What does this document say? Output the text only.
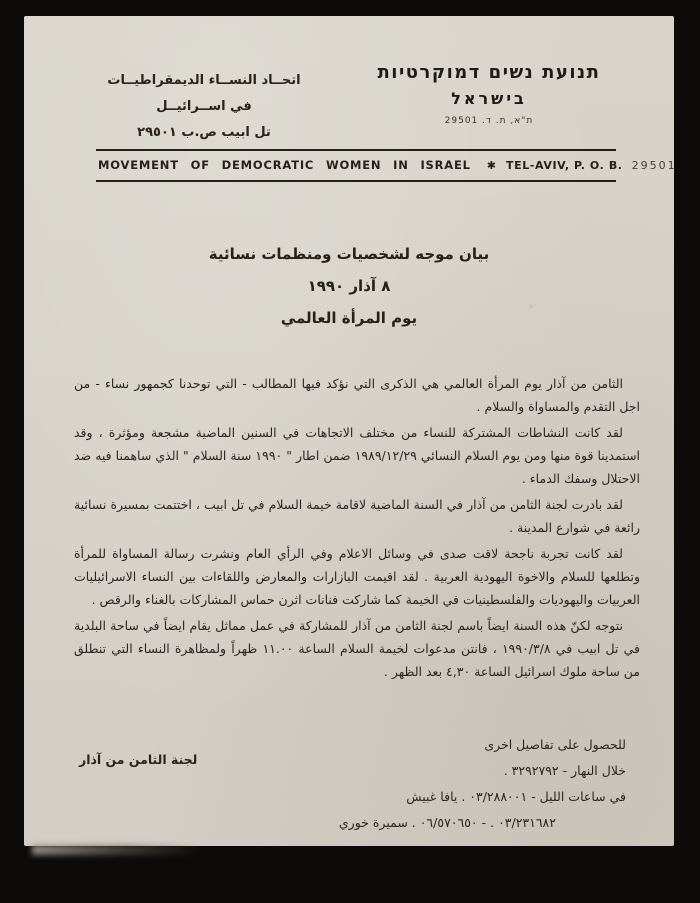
اتحــاد النســاء الديمقراطيــات
في اســرائيــل
تل ابيب ص.ب ٢٩٥٠١
תנועת נשים דמוקרטיות
בישראל
ת"א, ת. ד. 29501
MOVEMENT OF DEMOCRATIC WOMEN IN ISRAEL ✱ TEL-AVIV, P. O. B. 29501
بيان موجه لشخصيات ومنظمات نسائية
٨ آذار ١٩٩٠
يوم المرأة العالمي

الثامن من آذار يوم المرأة العالمي هي الذكرى التي نؤكد فيها المطالب - التي توحدنا كجمهور نساء - من اجل التقدم والمساواة والسلام .

لقد كانت النشاطات المشتركة للنساء من مختلف الاتجاهات في السنين الماضية مشجعة ومؤثرة ، وقد استمدينا قوة منها ومن يوم السلام النسائي ١٩٨٩/١٢/٢٩ ضمن اطار " ١٩٩٠ سنة السلام " الذي ساهمنا فيه ضد الاحتلال وسفك الدماء .

لقد بادرت لجنة الثامن من آذار في السنة الماضية لاقامة خيمة السلام في تل ابيب ، اختتمت بمسيرة نسائية رائعة في شوارع المدينة .

لقد كانت تجربة ناجحة لاقت صدى في وسائل الاعلام وفي الرأي العام ونشرت رسالة المساواة للمرأة وتطلعها للسلام والاخوة اليهودية العربية . لقد اقيمت البازارات والمعارض واللقاءات بين النساء الاسرائيليات العربيات واليهوديات والفلسطينيات في الخيمة كما شاركت فنانات اثرن حماس المشاركات بالغناء والرقص .

نتوجه لكنّ هذه السنة ايضاً باسم لجنة الثامن من آذار للمشاركة في عمل مماثل يقام ايضاً في ساحة البلدية في تل ابيب في ١٩٩٠/٣/٨ ، فانتن مدعوات لخيمة السلام الساعة ١١.٠٠ ظهراً ولمظاهرة النساء التي تنطلق من ساحة ملوك اسرائيل الساعة ٤,٣٠ بعد الظهر .

للحصول على تفاصيل اخرى
خلال النهار - ٣٢٩٢٧٩٢ .
في ساعات الليل - ٠٣/٢٨٨٠٠١ . يافا غبيش
٠٣/٢٣١٦٨٢ . - ٠٦/٥٧٠٦٥٠ . سميرة خوري
لجنة الثامن من آذار
